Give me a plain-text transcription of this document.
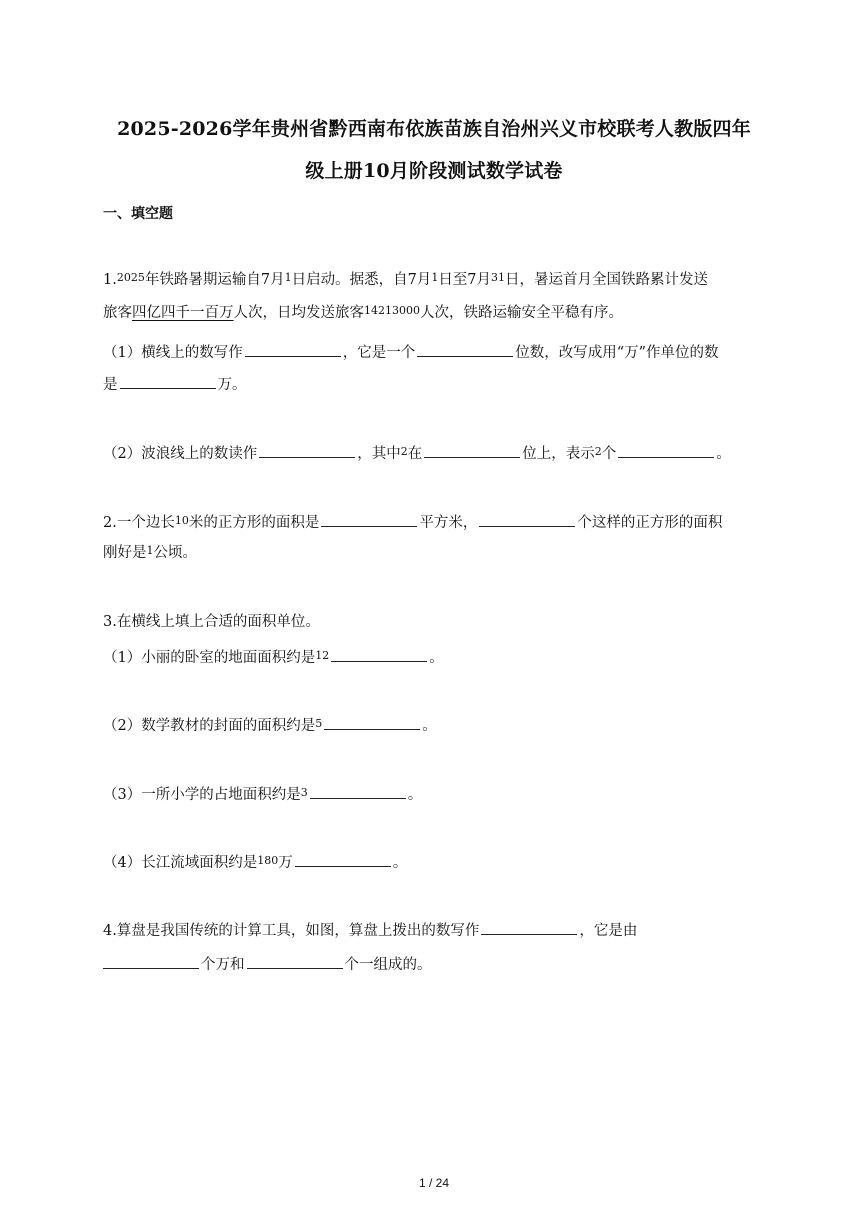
2025-2026学年贵州省黔西南布依族苗族自治州兴义市校联考人教版四年
级上册10月阶段测试数学试卷
一、填空题
1.$^{2025}$年铁路暑期运输自7月$^1$日启动。据悉，自7月$^1$日至7月$^{31}$日，暑运首月全国铁路累计发送
旅客四亿四千一百万人次，日均发送旅客$^{14213000}$人次，铁路运输安全平稳有序。
（1）横线上的数写作	，它是一个	位数，改写成用“万”作单位的数
是	万。
（2）波浪线上的数读作	，其中$^2$在	位上，表示$^2$个	。
2.一个边长$^{10}$米的正方形的面积是	平方米，	个这样的正方形的面积
刚好是$^1$公顷。
3.在横线上填上合适的面积单位。
（1）小丽的卧室的地面面积约是$^{12}$	。
（2）数学教材的封面的面积约是$^5$	。
（3）一所小学的占地面积约是$^3$	。
（4）长江流域面积约是$^{180}$万	。
4.算盘是我国传统的计算工具，如图，算盘上拨出的数写作	，它是由
个万和	个一组成的。
1 / 24
